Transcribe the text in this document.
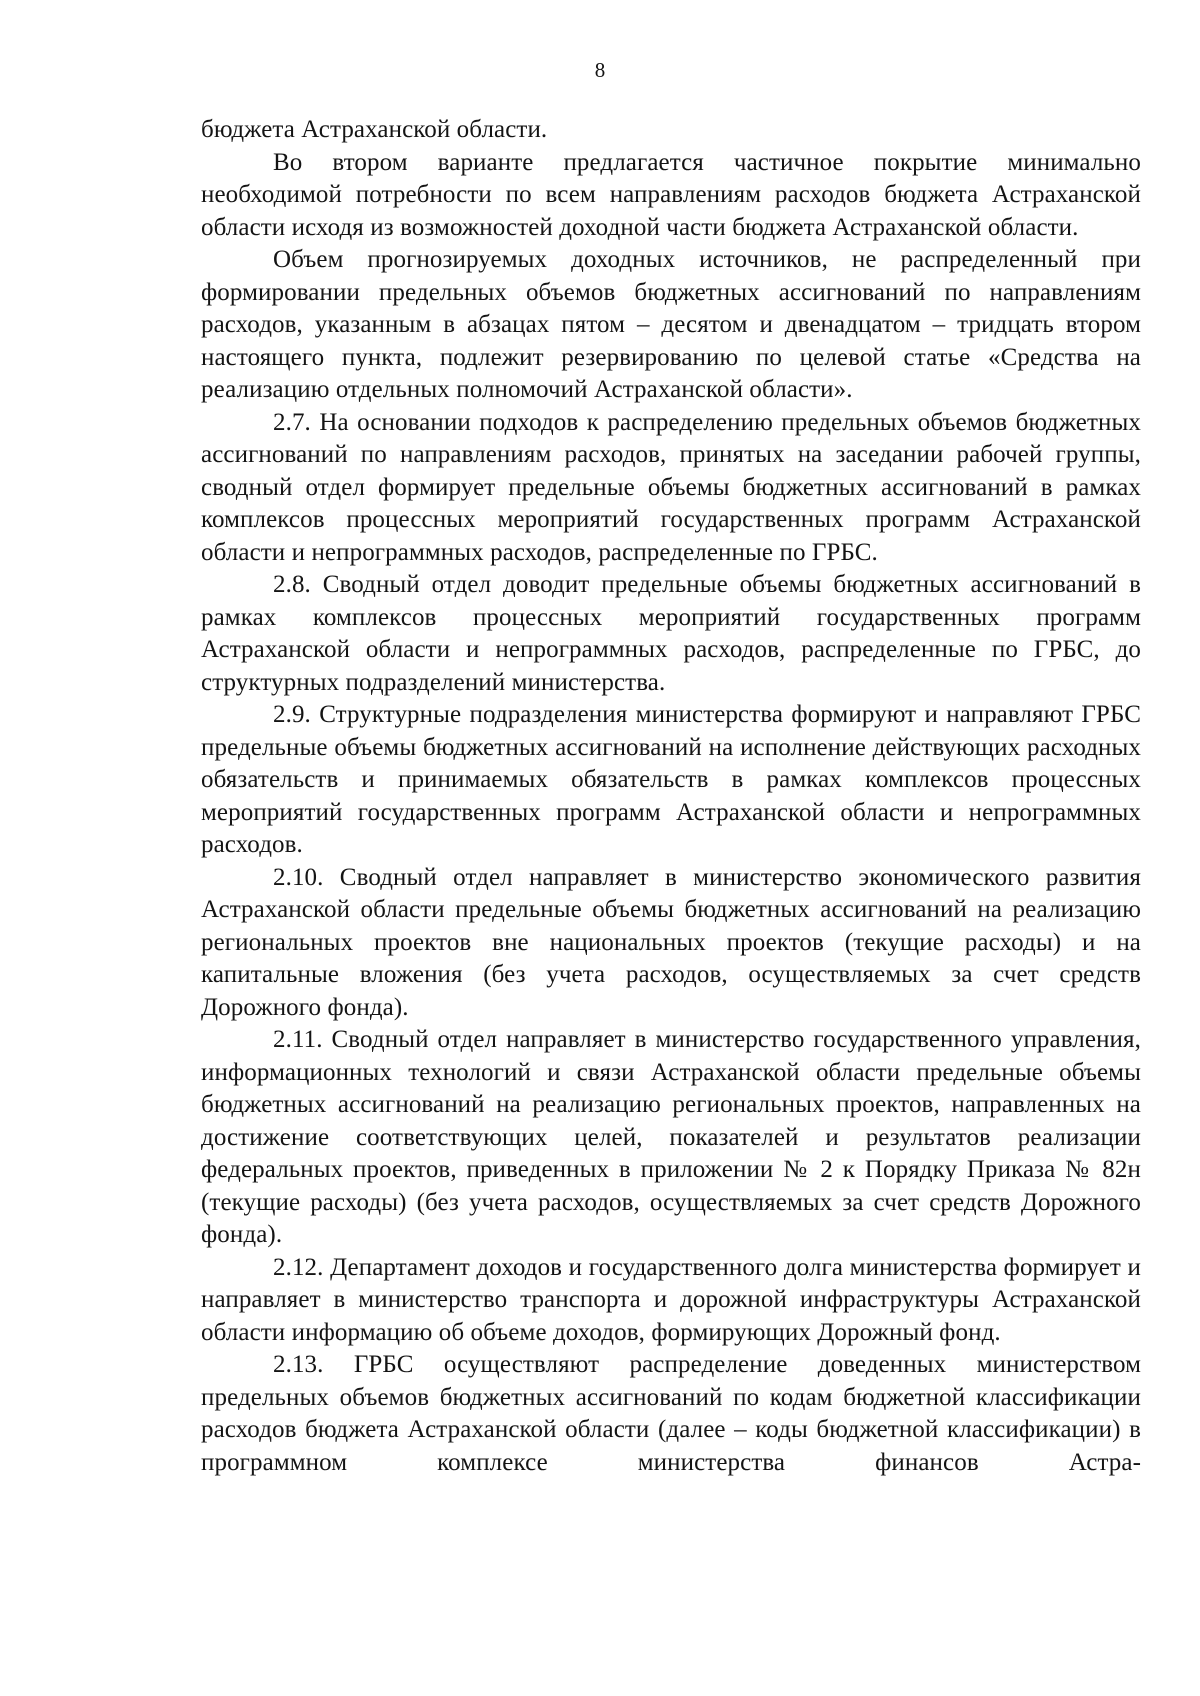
8

бюджета Астраханской области.

Во втором варианте предлагается частичное покрытие минимально необходимой потребности по всем направлениям расходов бюджета Астраханской области исходя из возможностей доходной части бюджета Астраханской области.

Объем прогнозируемых доходных источников, не распределенный при формировании предельных объемов бюджетных ассигнований по направлениям расходов, указанным в абзацах пятом – десятом и двенадцатом – тридцать втором настоящего пункта, подлежит резервированию по целевой статье «Средства на реализацию отдельных полномочий Астраханской области».

2.7. На основании подходов к распределению предельных объемов бюджетных ассигнований по направлениям расходов, принятых на заседании рабочей группы, сводный отдел формирует предельные объемы бюджетных ассигнований в рамках комплексов процессных мероприятий государственных программ Астраханской области и непрограммных расходов, распределенные по ГРБС.

2.8. Сводный отдел доводит предельные объемы бюджетных ассигнований в рамках комплексов процессных мероприятий государственных программ Астраханской области и непрограммных расходов, распределенные по ГРБС, до структурных подразделений министерства.

2.9. Структурные подразделения министерства формируют и направляют ГРБС предельные объемы бюджетных ассигнований на исполнение действующих расходных обязательств и принимаемых обязательств в рамках комплексов процессных мероприятий государственных программ Астраханской области и непрограммных расходов.

2.10. Сводный отдел направляет в министерство экономического развития Астраханской области предельные объемы бюджетных ассигнований на реализацию региональных проектов вне национальных проектов (текущие расходы) и на капитальные вложения (без учета расходов, осуществляемых за счет средств Дорожного фонда).

2.11. Сводный отдел направляет в министерство государственного управления, информационных технологий и связи Астраханской области предельные объемы бюджетных ассигнований на реализацию региональных проектов, направленных на достижение соответствующих целей, показателей и результатов реализации федеральных проектов, приведенных в приложении № 2 к Порядку Приказа № 82н (текущие расходы) (без учета расходов, осуществляемых за счет средств Дорожного фонда).

2.12. Департамент доходов и государственного долга министерства формирует и направляет в министерство транспорта и дорожной инфраструктуры Астраханской области информацию об объеме доходов, формирующих Дорожный фонд.

2.13. ГРБС осуществляют распределение доведенных министерством предельных объемов бюджетных ассигнований по кодам бюджетной классификации расходов бюджета Астраханской области (далее – коды бюджетной классификации) в программном комплексе министерства финансов Астра-
